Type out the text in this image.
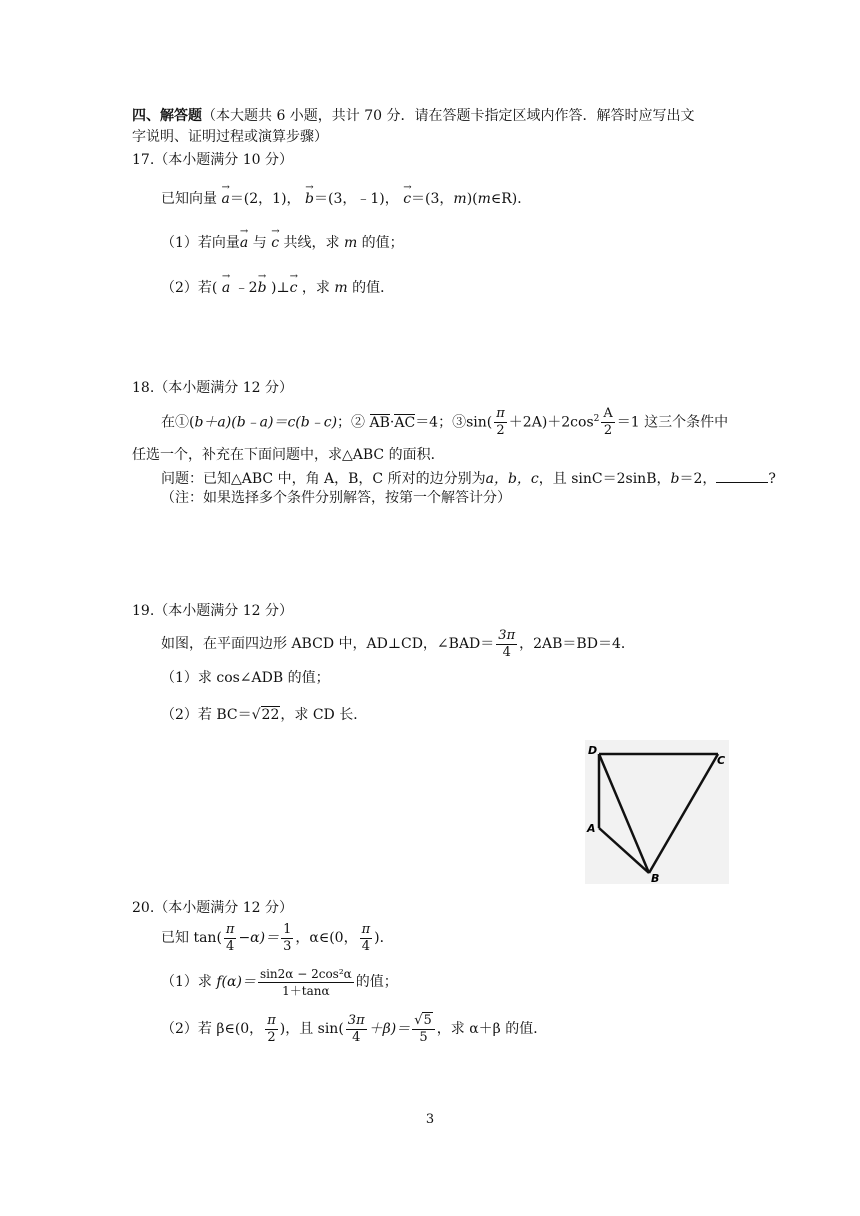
四、解答题（本大题共 6 小题，共计 70 分．请在答题卡指定区域内作答．解答时应写出文
字说明、证明过程或演算步骤）
17.（本小题满分 10 分）
已知向量 → a＝(2，1)， → b＝(3，﹣1)， → c＝(3，m)(m∈R)．
（1）若向量→ a 与 → c 共线，求 m 的值；
（2）若( → a ﹣2→ b )⊥→ c ，求 m 的值．
18.（本小题满分 12 分）
在①(b＋a)(b﹣a)＝c(b﹣c)；② AB·AC＝4；③sin( $\frac{\pi}{2} +2A)+2\cos^2 \frac{A}{2} =1$ 这三个条件中
任选一个，补充在下面问题中，求△ABC 的面积．
问题：已知△ABC 中，角 A，B，C 所对的边分别为a，b，c，且 sinC＝2sinB，b＝2，	?
（注：如果选择多个条件分别解答，按第一个解答计分）
19.（本小题满分 12 分）
如图，在平面四边形 ABCD 中，AD⊥CD，∠BAD＝ $\frac{3\pi}{4}$ ，2AB＝BD＝4．
（1）求 cos∠ADB 的值；
（2）若 BC＝√22，求 CD 长．
D
C
A
B
20.（本小题满分 12 分）
已知 $\tan( \frac{\pi}{4} -\alpha)= \frac{1}{3}$ ，α∈(0， $\frac{\pi}{4}$ )．
（1）求 $f(\alpha)= \frac{\text{sin2α − 2cos²α}}{1+\tan\alpha}$ 的值；
（2）若 β∈(0， $\frac{\pi}{2}$ )，且 $\sin( \frac{3\pi}{4} +\beta)= \frac{√5}{5}$ ，求 α＋β 的值．
3
